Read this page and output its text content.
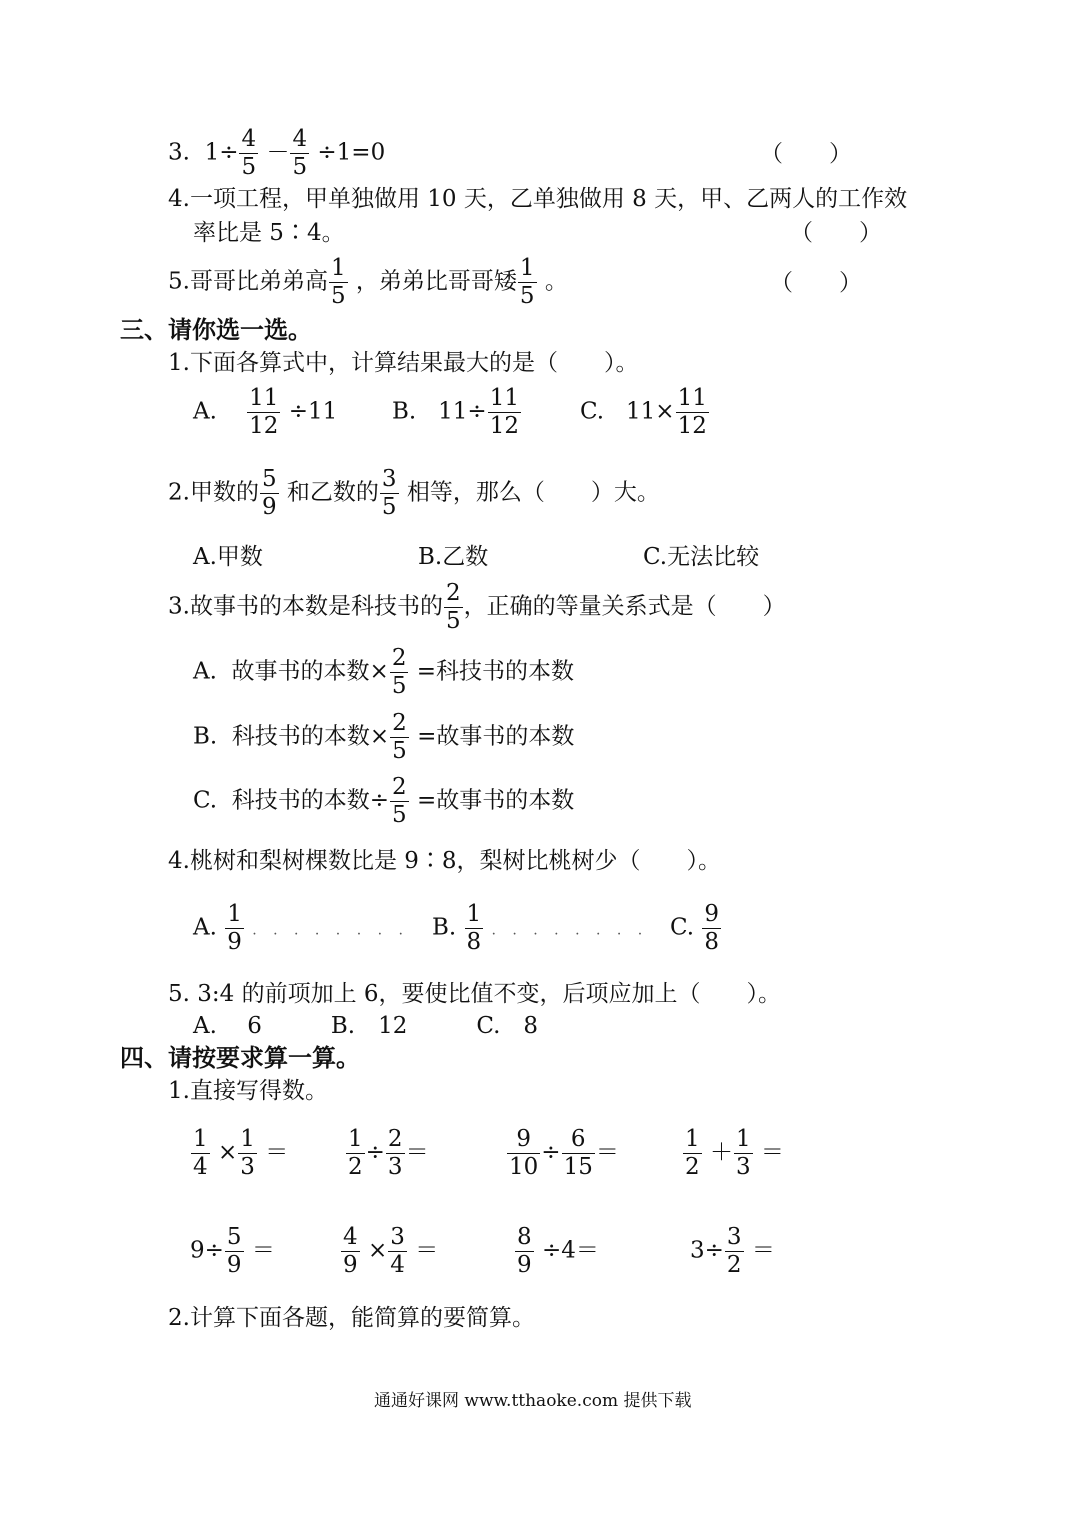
3. $1\div \frac{4}{5} - \frac{4}{5} \div 1=0$	（　　）
4.一项工程，甲单独做用 10 天，乙单独做用 8 天，甲、乙两人的工作效
率比是 5∶4。	（　　）
5.哥哥比弟弟高 $\frac{1}{5}$ ，弟弟比哥哥矮 $\frac{1}{5}$ 。	（　　）
三、请你选一选。
1.下面各算式中，计算结果最大的是（　　）。
A. $\frac{11}{12} \div 11$ B. $11\div \frac{11}{12}$	C. $11\times \frac{11}{12}$
2.甲数的 $\frac{5}{9}$ 和乙数的 $\frac{3}{5}$ 相等，那么（　　）大。
A.甲数	B.乙数	C.无法比较
3.故事书的本数是科技书的 $\frac{2}{5}$ ，正确的等量关系式是（　　）
A. 故事书的本数× $\frac{2}{5}$ =科技书的本数
B. 科技书的本数× $\frac{2}{5}$ =故事书的本数
C. 科技书的本数÷ $\frac{2}{5}$ =故事书的本数
4.桃树和梨树棵数比是 9∶8，梨树比桃树少（　　）。
A. $\frac{1}{9}$ . . . . . . . . B. $\frac{1}{8}$ . . . . . . . . C. $\frac{9}{8}$
5. 3:4 的前项加上 6，要使比值不变，后项应加上（　　）。
A.　 6　　　B.　12　　　C.　8
四、请按要求算一算。
1.直接写得数。
$\frac{1}{4} \times \frac{1}{3}$ ＝	$\frac{1}{2} \div \frac{2}{3}$ ＝	$\frac{9}{10} \div \frac{6}{15}$ ＝	$\frac{1}{2} + \frac{1}{3}$ ＝
$9\div \frac{5}{9}$ ＝	$\frac{4}{9} \times \frac{3}{4}$ ＝	$\frac{8}{9} \div 4=$	$3\div \frac{3}{2}$ ＝
2.计算下面各题，能简算的要简算。
通通好课网 www.tthaoke.com 提供下载
